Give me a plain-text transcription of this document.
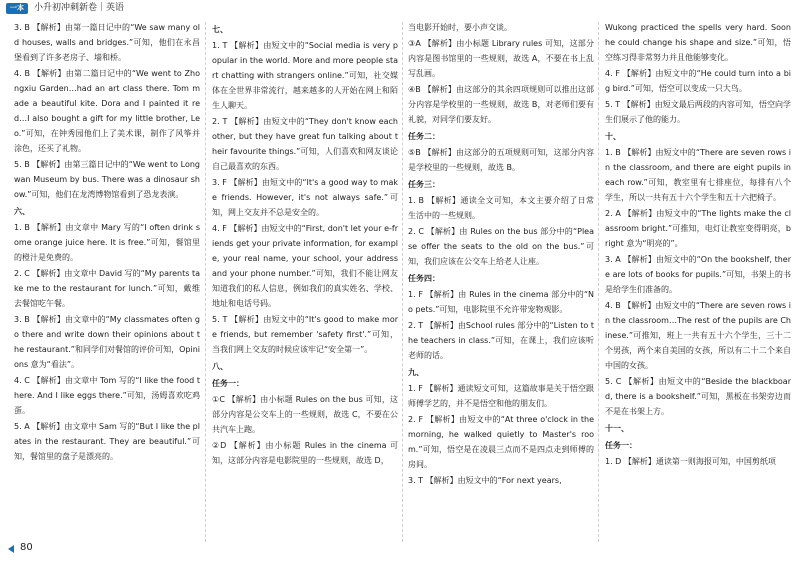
一本	小升初冲刺新卷｜英语
3. B 【解析】由第一篇日记中的“We saw many old houses, walls and bridges.”可知，他们在永昌堡看到了许多老房子、墙和桥。
4. B 【解析】由第二篇日记中的“We went to Zhongxiu Garden…had an art class there. Tom made a beautiful kite. Dora and I painted it red…I also bought a gift for my little brother, Leo.”可知，在钟秀园他们上了美术课，制作了风筝并涂色，还买了礼物。
5. B 【解析】由第三篇日记中的“We went to Longwan Museum by bus. There was a dinosaur show.”可知，他们在龙湾博物馆看到了恐龙表演。
六、
1. B 【解析】由文章中 Mary 写的“I often drink some orange juice here. It is free.”可知，餐馆里的橙汁是免费的。
2. C 【解析】由文章中 David 写的“My parents take me to the restaurant for lunch.”可知，戴维去餐馆吃午餐。
3. B 【解析】由文章中的“My classmates often go there and write down their opinions about the restaurant.”和同学们对餐馆的评价可知，Opinions 意为“看法”。
4. C 【解析】由文章中 Tom 写的“I like the food there. And I like eggs there.”可知，汤姆喜欢吃鸡蛋。
5. A 【解析】由文章中 Sam 写的“But I like the plates in the restaurant. They are beautiful.”可知，餐馆里的盘子是漂亮的。
七、
1. T 【解析】由短文中的“Social media is very popular in the world. More and more people start chatting with strangers online.”可知，社交媒体在全世界非常流行，越来越多的人开始在网上和陌生人聊天。
2. T 【解析】由短文中的“They don't know each other, but they have great fun talking about their favourite things.”可知，人们喜欢和网友谈论自己最喜欢的东西。
3. F 【解析】由短文中的“It's a good way to make friends. However, it's not always safe.”可知，网上交友并不总是安全的。
4. F 【解析】由短文中的“First, don't let your e-friends get your private information, for example, your real name, your school, your address and your phone number.”可知，我们不能让网友知道我们的私人信息，例如我们的真实姓名、学校、地址和电话号码。
5. T 【解析】由短文中的“It's good to make more friends, but remember 'safety first'.”可知，当我们网上交友的时候应该牢记“安全第一”。
八、
任务一：
①C 【解析】由小标题 Rules on the bus 可知，这部分内容是公交车上的一些规则，故选 C，不要在公共汽车上跑。
②D 【解析】由小标题 Rules in the cinema 可知，这部分内容是电影院里的一些规则，故选 D，
当电影开始时，要小声交谈。
③A 【解析】由小标题 Library rules 可知，这部分内容是图书馆里的一些规则，故选 A，不要在书上乱写乱画。
④B 【解析】由这部分的其余四项规则可以推出这部分内容是学校里的一些规则，故选 B，对老师们要有礼貌，对同学们要友好。
任务二：
⑤B 【解析】由这部分的五项规则可知，这部分内容是学校里的一些规则，故选 B。
任务三：
1. B 【解析】通读全文可知，本文主要介绍了日常生活中的一些规则。
2. C 【解析】由 Rules on the bus 部分中的“Please offer the seats to the old on the bus.”可知，我们应该在公交车上给老人让座。
任务四：
1. F 【解析】由 Rules in the cinema 部分中的“No pets.”可知，电影院里不允许带宠物观影。
2. T 【解析】由School rules 部分中的“Listen to the teachers in class.”可知，在课上，我们应该听老师的话。
九、
1. F 【解析】通读短文可知，这篇故事是关于悟空跟师傅学艺的，并不是悟空和他的朋友们。
2. F 【解析】由短文中的“At three o'clock in the morning, he walked quietly to Master's room.”可知，悟空是在凌晨三点而不是四点走到师傅的房间。
3. T 【解析】由短文中的“For next years,
Wukong practiced the spells very hard. Soon he could change his shape and size.”可知，悟空练习得非常努力并且他能够变化。
4. F 【解析】由短文中的“He could turn into a big bird.”可知，悟空可以变成一只大鸟。
5. T 【解析】由短文最后两段的内容可知，悟空向学生们展示了他的能力。
十、
1. B 【解析】由短文中的“There are seven rows in the classroom, and there are eight pupils in each row.”可知，教室里有七排座位，每排有八个学生，所以一共有五十六个学生和五十六把椅子。
2. A 【解析】由短文中的“The lights make the classroom bright.”可推知，电灯让教室变得明亮，bright 意为“明亮的”。
3. A 【解析】由短文中的“On the bookshelf, there are lots of books for pupils.”可知，书架上的书是给学生们准备的。
4. B 【解析】由短文中的“There are seven rows in the classroom…The rest of the pupils are Chinese.”可推知，班上一共有五十六个学生，三十二个男孩，两个来自美国的女孩，所以有二十二个来自中国的女孩。
5. C 【解析】由短文中的“Beside the blackboard, there is a bookshelf.”可知，黑板在书架旁边而不是在书架上方。
十一、
任务一：
1. D 【解析】通读第一则海报可知，中国剪纸项
80
